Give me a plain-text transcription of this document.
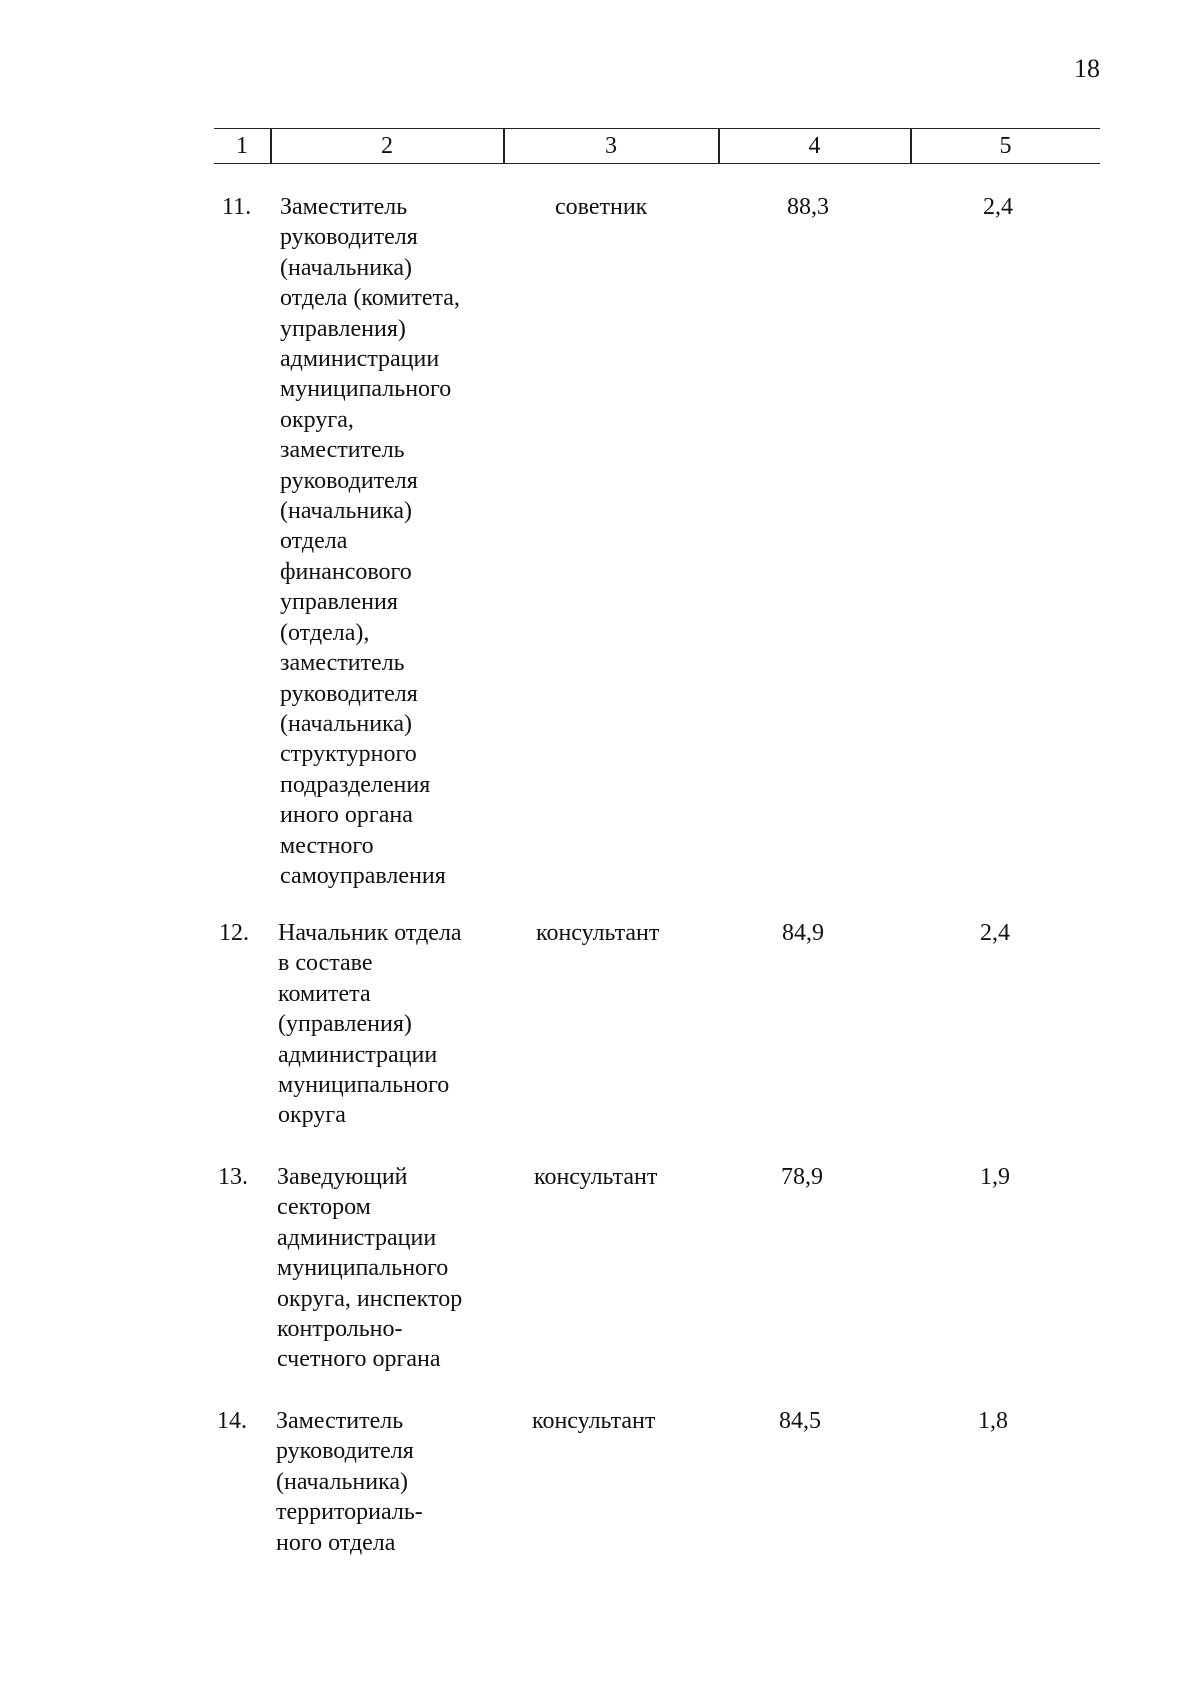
18
1	2	3	4	5
11. Заместитель
руководителя
(начальника)
отдела (комитета,
управления)
администрации
муниципального
округа,
заместитель
руководителя
(начальника)
отдела
финансового
управления
(отдела),
заместитель
руководителя
(начальника)
структурного
подразделения
иного органа
местного
самоуправления
советник	88,3	2,4
12. Начальник отдела
в составе
комитета
(управления)
администрации
муниципального
округа
консультант	84,9	2,4
13. Заведующий
сектором
администрации
муниципального
округа, инспектор
контрольно-
счетного органа
консультант	78,9	1,9
14. Заместитель
руководителя
(начальника)
территориаль-
ного отдела
консультант	84,5	1,8
